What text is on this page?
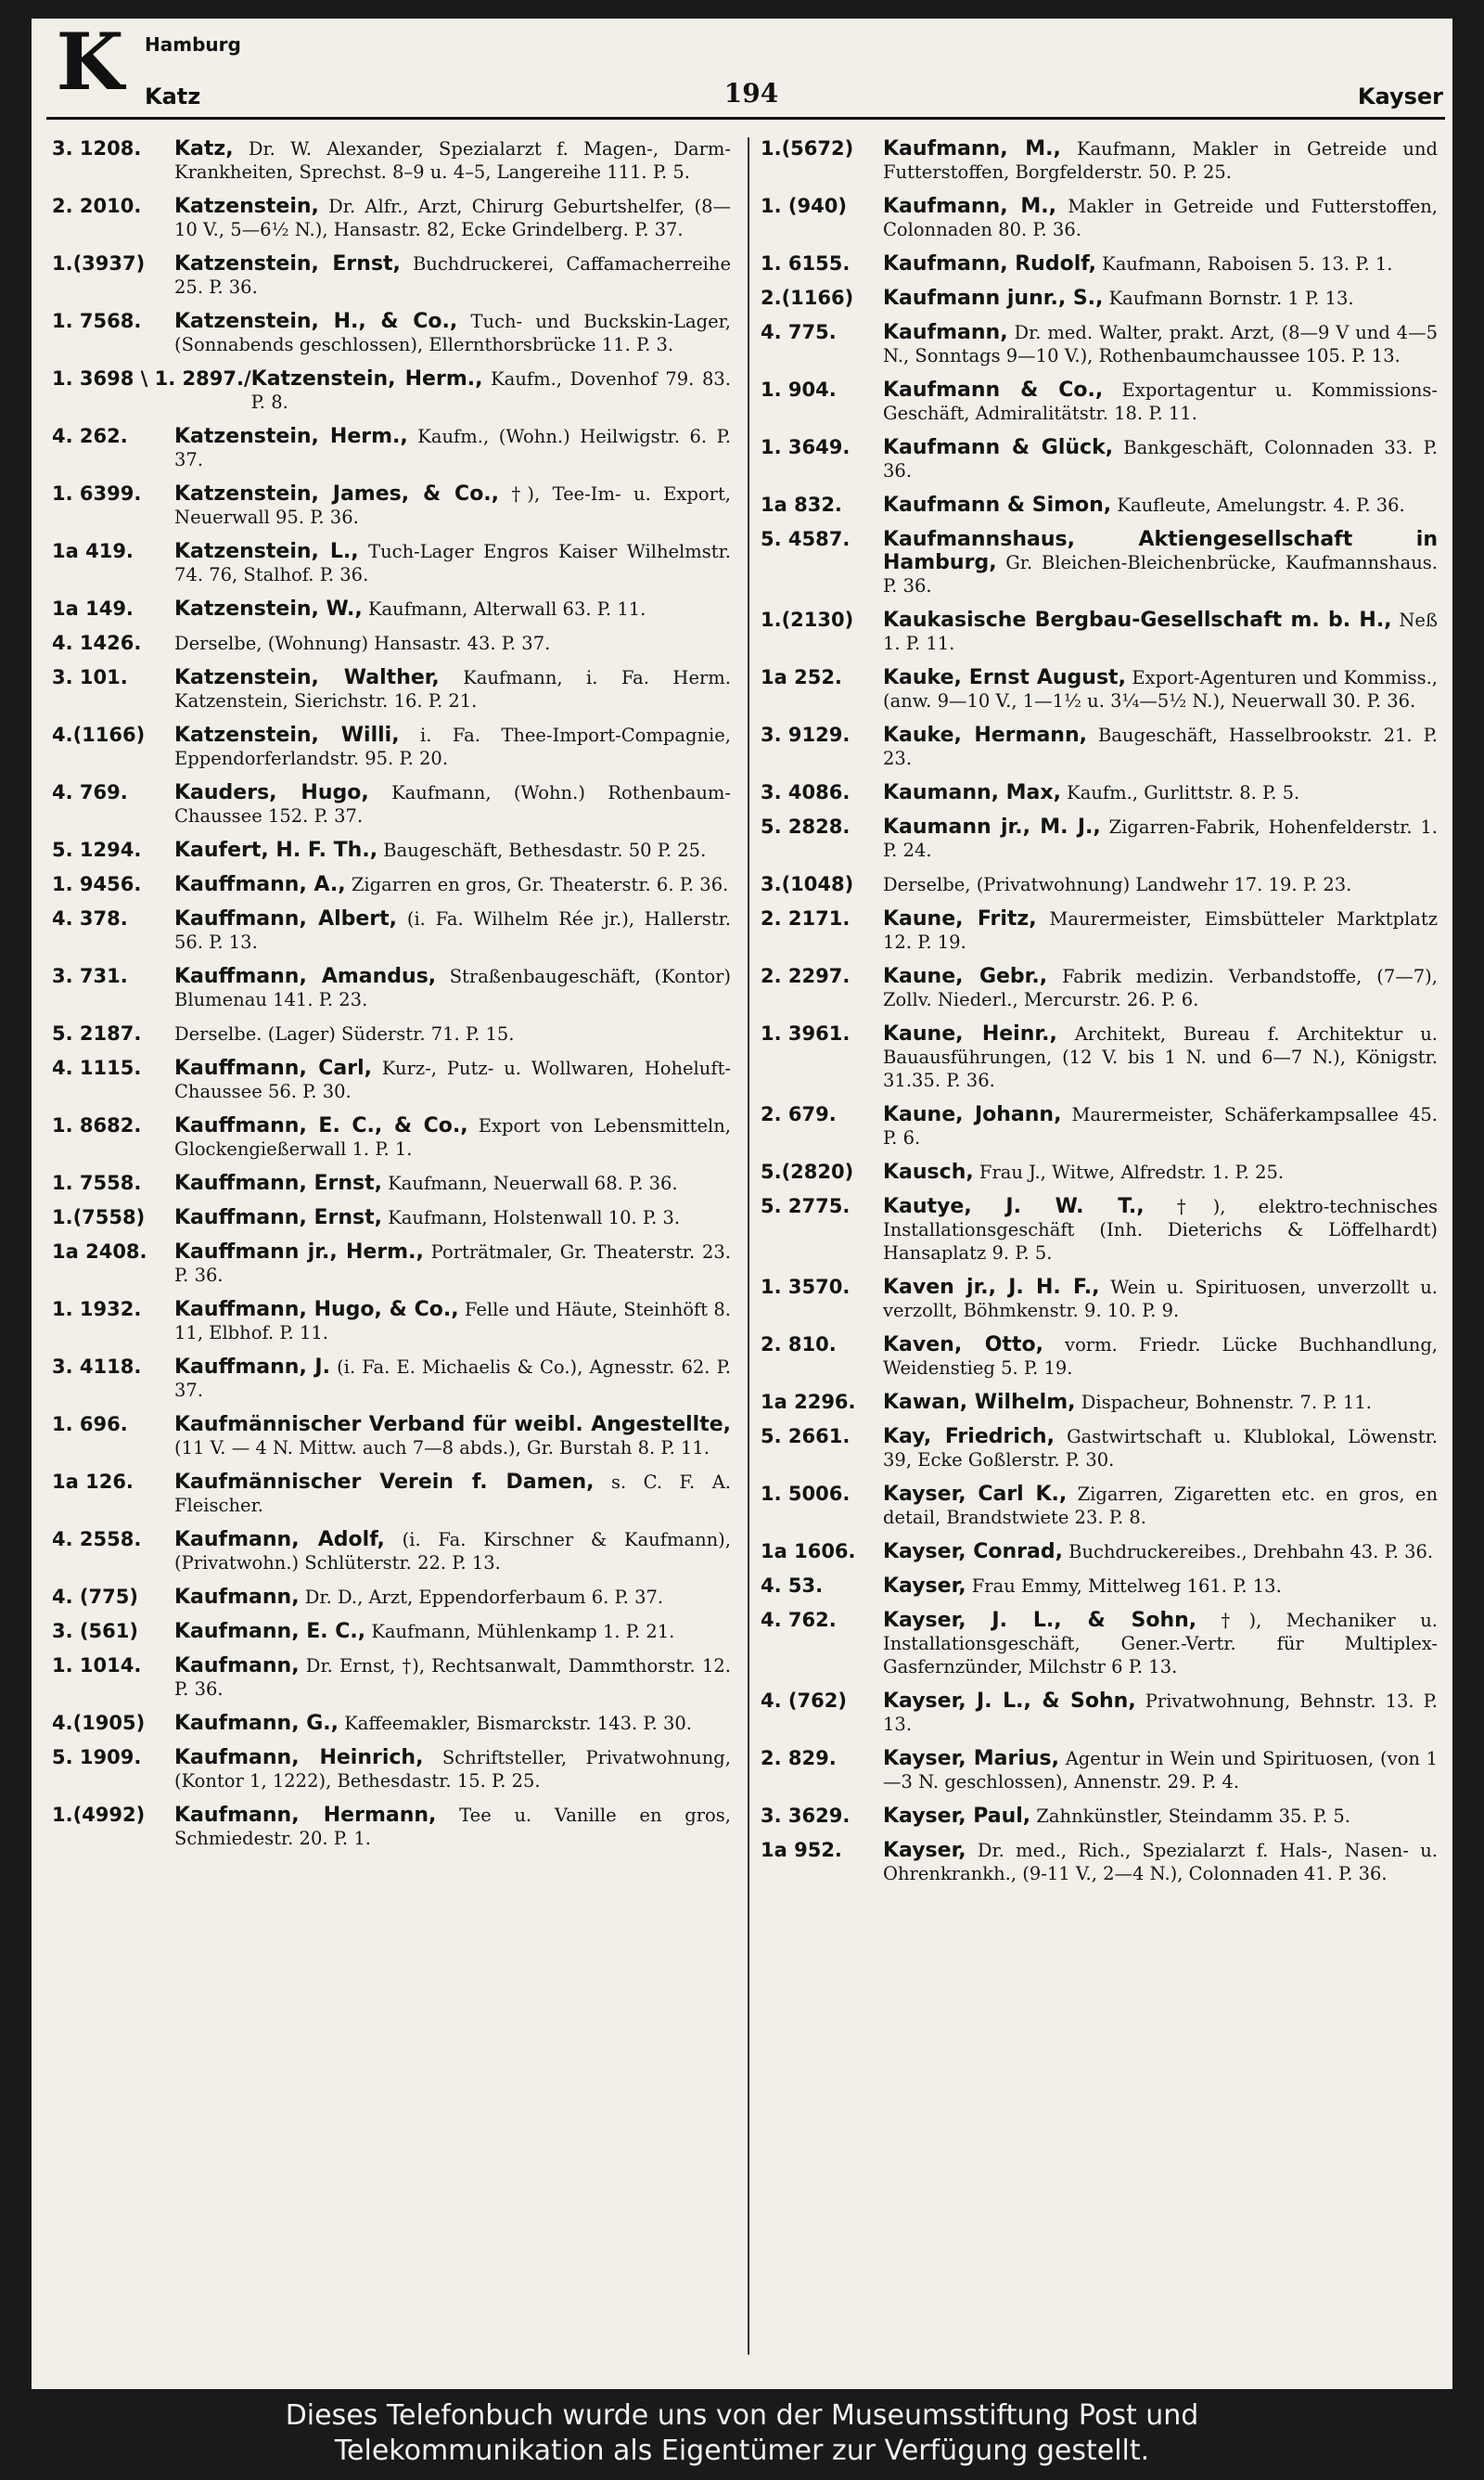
K Hamburg
Katz	194	Kayser
3. 1208.	Katz, Dr. W. Alexander, Spezialarzt f. Magen-, Darm-Krankheiten, Sprechst. 8–9 u. 4–5, Langereihe 111. P. 5.
2. 2010.	Katzenstein, Dr. Alfr., Arzt, Chirurg Geburtshelfer, (8—10 V., 5—6½ N.), Hansastr. 82, Ecke Grindelberg. P. 37.
1.(3937)	Katzenstein, Ernst, Buchdruckerei, Caffamacherreihe 25. P. 36.
1. 7568.	Katzenstein, H., & Co., Tuch- und Buckskin-Lager, (Sonnabends geschlossen), Ellernthorsbrücke 11. P. 3.
1. 3698 \ 1. 2897./ Katzenstein, Herm., Kaufm., Dovenhof 79. 83. P. 8.
4. 262.	Katzenstein, Herm., Kaufm., (Wohn.) Heilwigstr. 6. P. 37.
1. 6399.	Katzenstein, James, & Co., †), Tee-Im- u. Export, Neuerwall 95. P. 36.
1a 419.	Katzenstein, L., Tuch-Lager Engros Kaiser Wilhelmstr. 74. 76, Stalhof. P. 36.
1a 149.	Katzenstein, W., Kaufmann, Alterwall 63. P. 11.
4. 1426.	Derselbe, (Wohnung) Hansastr. 43. P. 37.
3. 101.	Katzenstein, Walther, Kaufmann, i. Fa. Herm. Katzenstein, Sierichstr. 16. P. 21.
4.(1166)	Katzenstein, Willi, i. Fa. Thee-Import-Compagnie, Eppendorferlandstr. 95. P. 20.
4. 769.	Kauders, Hugo, Kaufmann, (Wohn.) Rothenbaum-Chaussee 152. P. 37.
5. 1294.	Kaufert, H. F. Th., Baugeschäft, Bethesdastr. 50 P. 25.
1. 9456.	Kauffmann, A., Zigarren en gros, Gr. Theaterstr. 6. P. 36.
4. 378.	Kauffmann, Albert, (i. Fa. Wilhelm Rée jr.), Hallerstr. 56. P. 13.
3. 731.	Kauffmann, Amandus, Straßenbaugeschäft, (Kontor) Blumenau 141. P. 23.
5. 2187.	Derselbe. (Lager) Süderstr. 71. P. 15.
4. 1115.	Kauffmann, Carl, Kurz-, Putz- u. Wollwaren, Hoheluft-Chaussee 56. P. 30.
1. 8682.	Kauffmann, E. C., & Co., Export von Lebensmitteln, Glockengießerwall 1. P. 1.
1. 7558.	Kauffmann, Ernst, Kaufmann, Neuerwall 68. P. 36.
1.(7558)	Kauffmann, Ernst, Kaufmann, Holstenwall 10. P. 3.
1a 2408.	Kauffmann jr., Herm., Porträtmaler, Gr. Theaterstr. 23. P. 36.
1. 1932.	Kauffmann, Hugo, & Co., Felle und Häute, Steinhöft 8. 11, Elbhof. P. 11.
3. 4118.	Kauffmann, J. (i. Fa. E. Michaelis & Co.), Agnesstr. 62. P. 37.
1. 696.	Kaufmännischer Verband für weibl. Angestellte, (11 V. — 4 N. Mittw. auch 7—8 abds.), Gr. Burstah 8. P. 11.
1a 126.	Kaufmännischer Verein f. Damen, s. C. F. A. Fleischer.
4. 2558.	Kaufmann, Adolf, (i. Fa. Kirschner & Kaufmann), (Privatwohn.) Schlüterstr. 22. P. 13.
4. (775)	Kaufmann, Dr. D., Arzt, Eppendorferbaum 6. P. 37.
3. (561)	Kaufmann, E. C., Kaufmann, Mühlenkamp 1. P. 21.
1. 1014.	Kaufmann, Dr. Ernst, †), Rechtsanwalt, Dammthorstr. 12. P. 36.
4.(1905)	Kaufmann, G., Kaffeemakler, Bismarckstr. 143. P. 30.
5. 1909.	Kaufmann, Heinrich, Schriftsteller, Privatwohnung, (Kontor 1, 1222), Bethesdastr. 15. P. 25.
1.(4992)	Kaufmann, Hermann, Tee u. Vanille en gros, Schmiedestr. 20. P. 1.
1.(5672)	Kaufmann, M., Kaufmann, Makler in Getreide und Futterstoffen, Borgfelderstr. 50. P. 25.
1. (940)	Kaufmann, M., Makler in Getreide und Futterstoffen, Colonnaden 80. P. 36.
1. 6155.	Kaufmann, Rudolf, Kaufmann, Raboisen 5. 13. P. 1.
2.(1166)	Kaufmann junr., S., Kaufmann Bornstr. 1 P. 13.
4. 775.	Kaufmann, Dr. med. Walter, prakt. Arzt, (8—9 V und 4—5 N., Sonntags 9—10 V.), Rothenbaumchaussee 105. P. 13.
1. 904.	Kaufmann & Co., Exportagentur u. Kommissions-Geschäft, Admiralitätstr. 18. P. 11.
1. 3649.	Kaufmann & Glück, Bankgeschäft, Colonnaden 33. P. 36.
1a 832.	Kaufmann & Simon, Kaufleute, Amelungstr. 4. P. 36.
5. 4587.	Kaufmannshaus, Aktiengesellschaft in Hamburg, Gr. Bleichen-Bleichenbrücke, Kaufmannshaus. P. 36.
1.(2130)	Kaukasische Bergbau-Gesellschaft m. b. H., Neß 1. P. 11.
1a 252.	Kauke, Ernst August, Export-Agenturen und Kommiss., (anw. 9—10 V., 1—1½ u. 3¼—5½ N.), Neuerwall 30. P. 36.
3. 9129.	Kauke, Hermann, Baugeschäft, Hasselbrookstr. 21. P. 23.
3. 4086.	Kaumann, Max, Kaufm., Gurlittstr. 8. P. 5.
5. 2828.	Kaumann jr., M. J., Zigarren-Fabrik, Hohenfelderstr. 1. P. 24.
3.(1048)	Derselbe, (Privatwohnung) Landwehr 17. 19. P. 23.
2. 2171.	Kaune, Fritz, Maurermeister, Eimsbütteler Marktplatz 12. P. 19.
2. 2297.	Kaune, Gebr., Fabrik medizin. Verbandstoffe, (7—7), Zollv. Niederl., Mercurstr. 26. P. 6.
1. 3961.	Kaune, Heinr., Architekt, Bureau f. Architektur u. Bauausführungen, (12 V. bis 1 N. und 6—7 N.), Königstr. 31.35. P. 36.
2. 679.	Kaune, Johann, Maurermeister, Schäferkampsallee 45. P. 6.
5.(2820)	Kausch, Frau J., Witwe, Alfredstr. 1. P. 25.
5. 2775.	Kautye, J. W. T., †), elektro-technisches Installationsgeschäft (Inh. Dieterichs & Löffelhardt) Hansaplatz 9. P. 5.
1. 3570.	Kaven jr., J. H. F., Wein u. Spirituosen, unverzollt u. verzollt, Böhmkenstr. 9. 10. P. 9.
2. 810.	Kaven, Otto, vorm. Friedr. Lücke Buchhandlung, Weidenstieg 5. P. 19.
1a 2296.	Kawan, Wilhelm, Dispacheur, Bohnenstr. 7. P. 11.
5. 2661.	Kay, Friedrich, Gastwirtschaft u. Klublokal, Löwenstr. 39, Ecke Goßlerstr. P. 30.
1. 5006.	Kayser, Carl K., Zigarren, Zigaretten etc. en gros, en detail, Brandstwiete 23. P. 8.
1a 1606.	Kayser, Conrad, Buchdruckereibes., Drehbahn 43. P. 36.
4. 53.	Kayser, Frau Emmy, Mittelweg 161. P. 13.
4. 762.	Kayser, J. L., & Sohn, †), Mechaniker u. Installationsgeschäft, Gener.-Vertr. für Multiplex-Gasfernzünder, Milchstr 6 P. 13.
4. (762)	Kayser, J. L., & Sohn, Privatwohnung, Behnstr. 13. P. 13.
2. 829.	Kayser, Marius, Agentur in Wein und Spirituosen, (von 1—3 N. geschlossen), Annenstr. 29. P. 4.
3. 3629.	Kayser, Paul, Zahnkünstler, Steindamm 35. P. 5.
1a 952.	Kayser, Dr. med., Rich., Spezialarzt f. Hals-, Nasen- u. Ohrenkrankh., (9-11 V., 2—4 N.), Colonnaden 41. P. 36.
Dieses Telefonbuch wurde uns von der Museumsstiftung Post und
Telekommunikation als Eigentümer zur Verfügung gestellt.
